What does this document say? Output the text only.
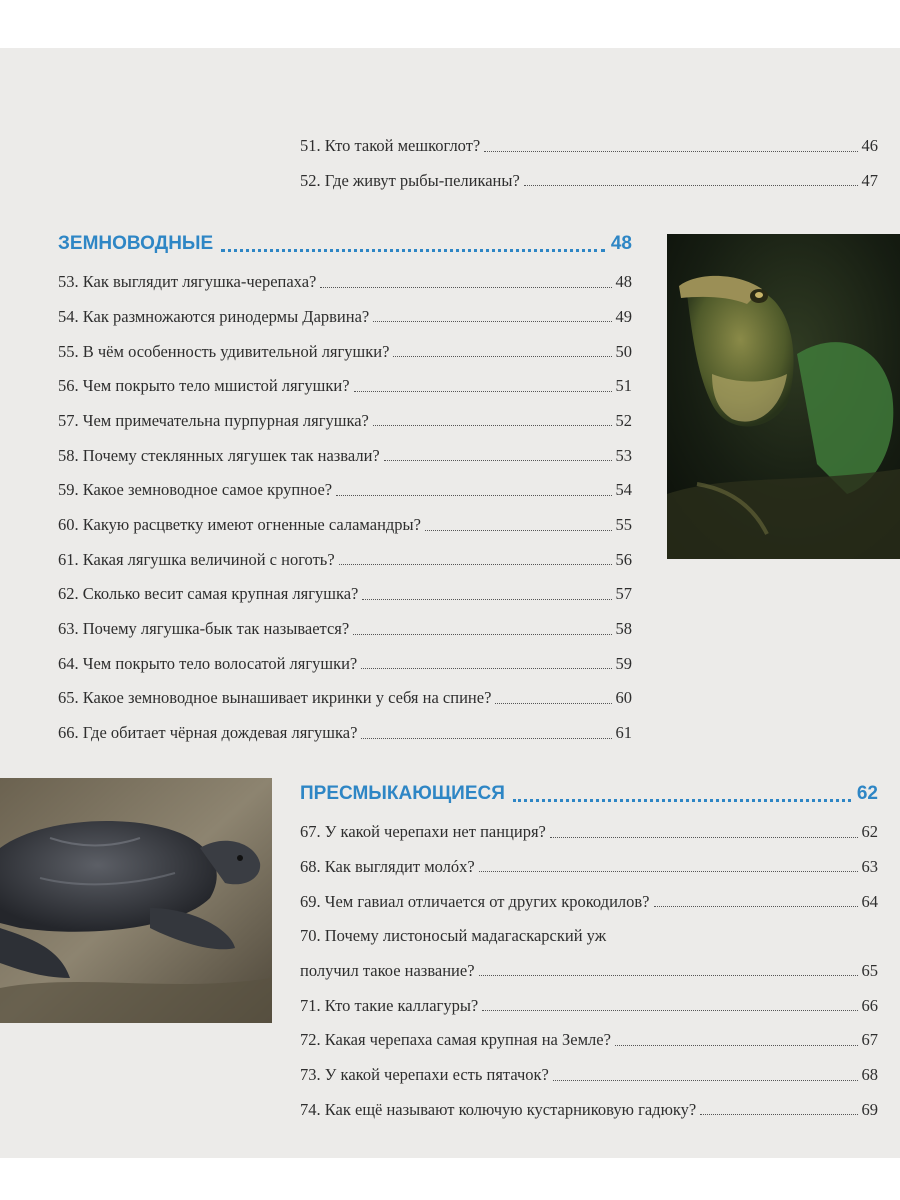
51. Кто такой мешкоглот?	46
52. Где живут рыбы-пеликаны?	47
ЗЕМНОВОДНЫЕ	48
53. Как выглядит лягушка-черепаха?	48
54. Как размножаются ринодермы Дарвина?	49
55. В чём особенность удивительной лягушки?	50
56. Чем покрыто тело мшистой лягушки?	51
57. Чем примечательна пурпурная лягушка?	52
58. Почему стеклянных лягушек так назвали?	53
59. Какое земноводное самое крупное?	54
60. Какую расцветку имеют огненные саламандры?	55
61. Какая лягушка величиной с ноготь?	56
62. Сколько весит самая крупная лягушка?	57
63. Почему лягушка-бык так называется?	58
64. Чем покрыто тело волосатой лягушки?	59
65. Какое земноводное вынашивает икринки у себя на спине?	60
66. Где обитает чёрная дождевая лягушка?	61
ПРЕСМЫКАЮЩИЕСЯ	62
67. У какой черепахи нет панциря?	62
68. Как выглядит молóх?	63
69. Чем гавиал отличается от других крокодилов?	64
70. Почему листоносый мадагаскарский уж
получил такое название?	65
71. Кто такие каллагуры?	66
72. Какая черепаха самая крупная на Земле?	67
73. У какой черепахи есть пятачок?	68
74. Как ещё называют колючую кустарниковую гадюку?	69
